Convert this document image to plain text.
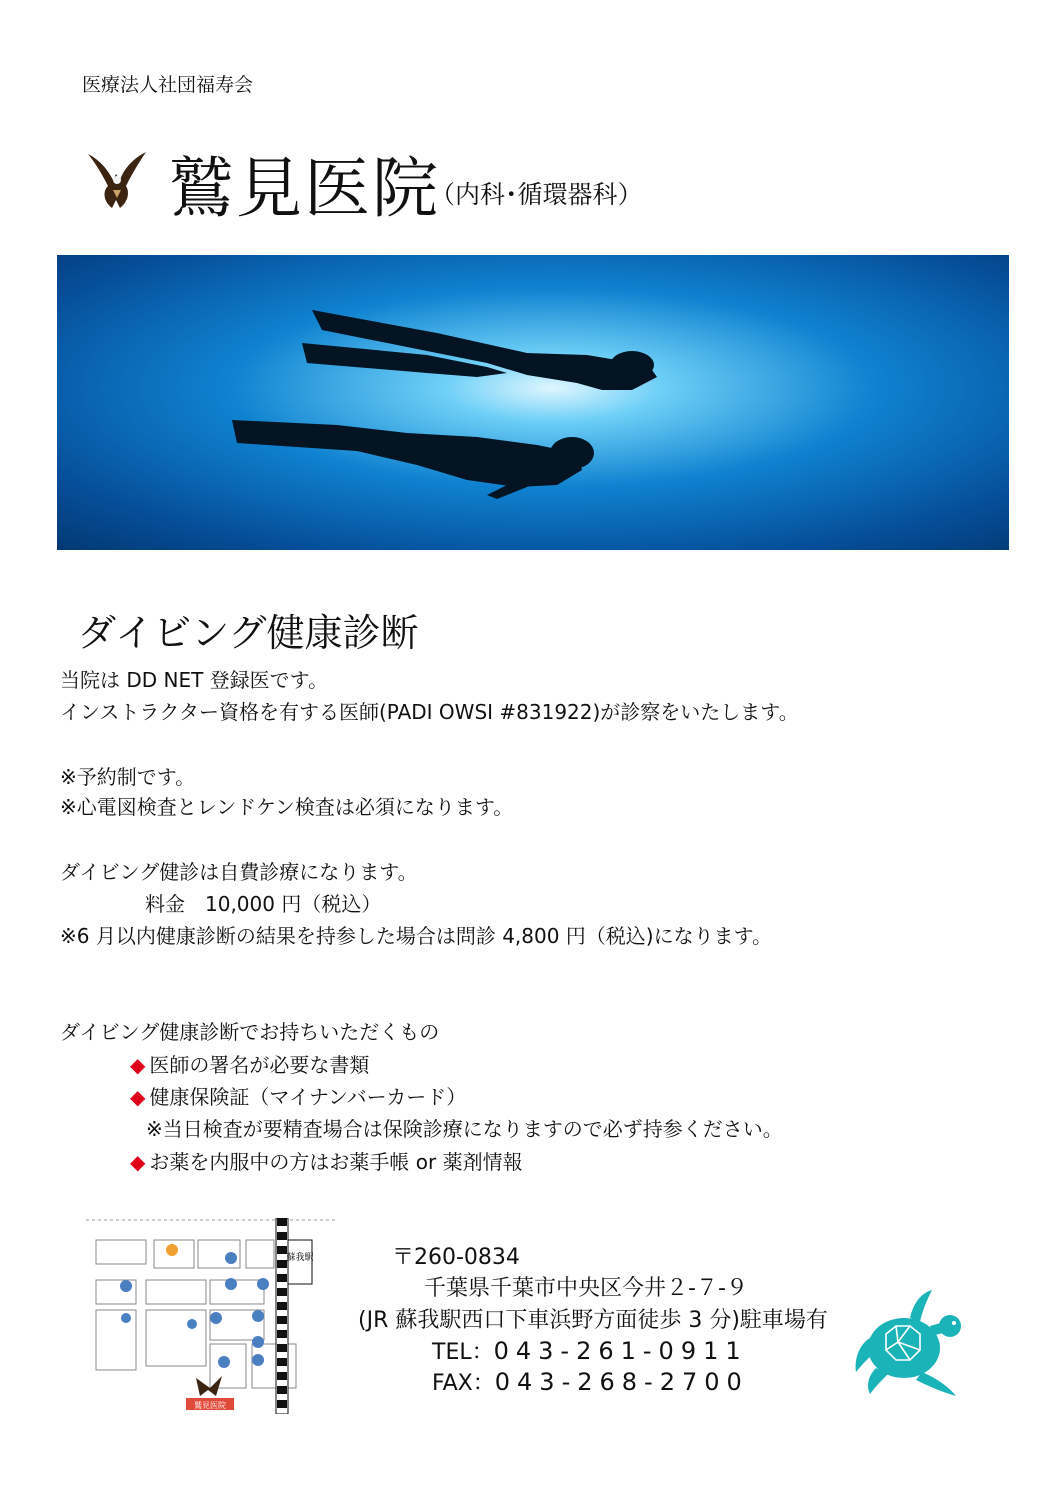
医療法人社団福寿会
鷲見医院
（内科･循環器科）
ダイビング健康診断
当院は DD NET 登録医です。
インストラクター資格を有する医師(PADI OWSI #831922)が診察をいたします。
※予約制です。
※心電図検査とレンドケン検査は必須になります。
ダイビング健診は自費診療になります。
料金　10,000 円（税込）
※6 月以内健康診断の結果を持参した場合は問診 4,800 円（税込)になります。
ダイビング健康診断でお持ちいただくもの
◆ 医師の署名が必要な書類
◆ 健康保険証（マイナンバーカード）
※当日検査が要精査場合は保険診療になりますので必ず持参ください。
◆ お薬を内服中の方はお薬手帳 or 薬剤情報
蘇我駅
鷲見医院
〒260-0834
千葉県千葉市中央区今井２-７-９
(JR 蘇我駅西口下車浜野方面徒歩 3 分)駐車場有
TEL：043-261-0911
FAX：043-268-2700
